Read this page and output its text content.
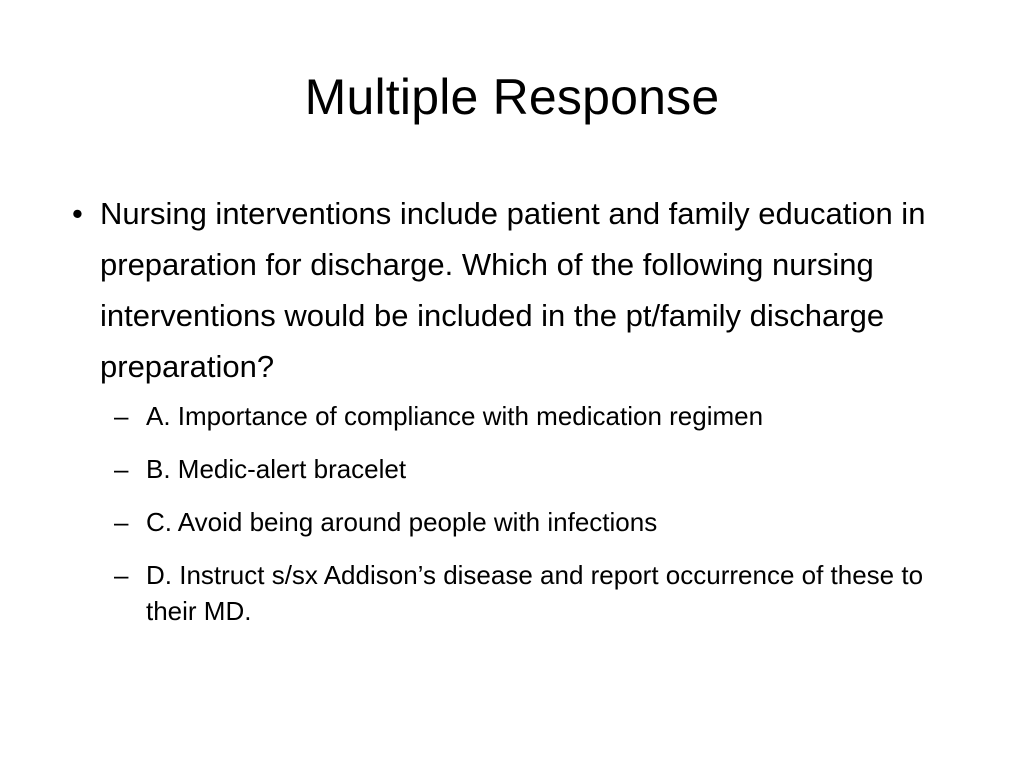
Multiple Response
• Nursing interventions include patient and family education in preparation for discharge. Which of the following nursing interventions would be included in the pt/family discharge preparation?
– A. Importance of compliance with medication regimen
– B. Medic-alert bracelet
– C. Avoid being around people with infections
– D. Instruct s/sx Addison’s disease and report occurrence of these to their MD.
